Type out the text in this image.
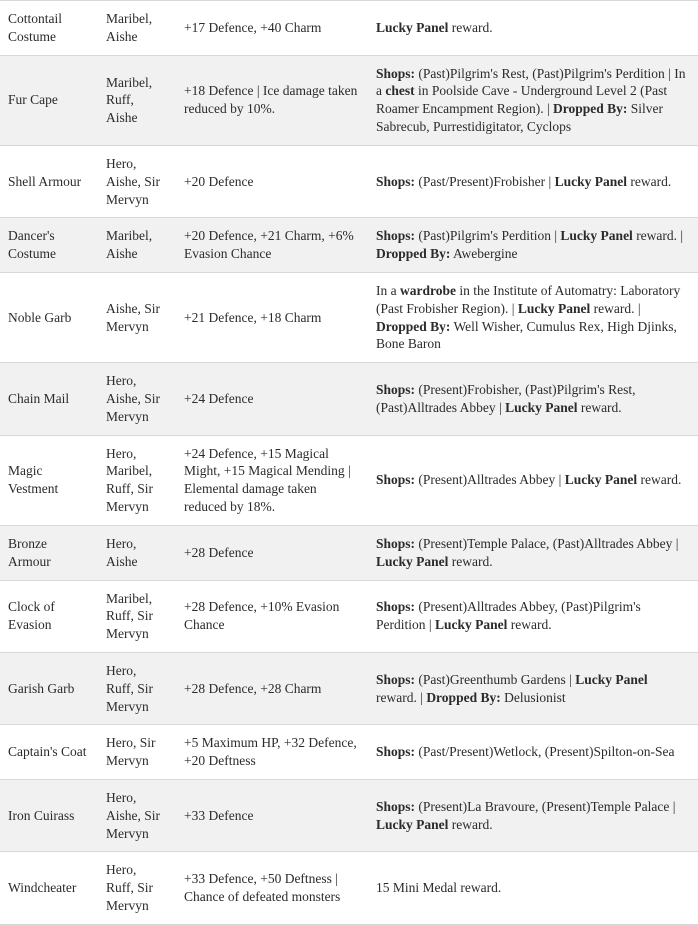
Cottontail Costume	Maribel, Aishe	+17 Defence, +40 Charm	Lucky Panel reward.
Fur Cape	Maribel, Ruff, Aishe	+18 Defence | Ice damage taken reduced by 10%.	Shops: (Past)Pilgrim's Rest, (Past)Pilgrim's Perdition | In a chest in Poolside Cave - Underground Level 2 (Past Roamer Encampment Region). | Dropped By: Silver Sabrecub, Purrestidigitator, Cyclops
Shell Armour	Hero, Aishe, Sir Mervyn	+20 Defence	Shops: (Past/Present)Frobisher | Lucky Panel reward.
Dancer's Costume	Maribel, Aishe	+20 Defence, +21 Charm, +6% Evasion Chance	Shops: (Past)Pilgrim's Perdition | Lucky Panel reward. | Dropped By: Awebergine
Noble Garb	Aishe, Sir Mervyn	+21 Defence, +18 Charm	In a wardrobe in the Institute of Automatry: Laboratory (Past Frobisher Region). | Lucky Panel reward. | Dropped By: Well Wisher, Cumulus Rex, High Djinks, Bone Baron
Chain Mail	Hero, Aishe, Sir Mervyn	+24 Defence	Shops: (Present)Frobisher, (Past)Pilgrim's Rest, (Past)Alltrades Abbey | Lucky Panel reward.
Magic Vestment	Hero, Maribel, Ruff, Sir Mervyn	+24 Defence, +15 Magical Might, +15 Magical Mending | Elemental damage taken reduced by 18%.	Shops: (Present)Alltrades Abbey | Lucky Panel reward.
Bronze Armour	Hero, Aishe	+28 Defence	Shops: (Present)Temple Palace, (Past)Alltrades Abbey | Lucky Panel reward.
Clock of Evasion	Maribel, Ruff, Sir Mervyn	+28 Defence, +10% Evasion Chance	Shops: (Present)Alltrades Abbey, (Past)Pilgrim's Perdition | Lucky Panel reward.
Garish Garb	Hero, Ruff, Sir Mervyn	+28 Defence, +28 Charm	Shops: (Past)Greenthumb Gardens | Lucky Panel reward. | Dropped By: Delusionist
Captain's Coat	Hero, Sir Mervyn	+5 Maximum HP, +32 Defence, +20 Deftness	Shops: (Past/Present)Wetlock, (Present)Spilton-on-Sea
Iron Cuirass	Hero, Aishe, Sir Mervyn	+33 Defence	Shops: (Present)La Bravoure, (Present)Temple Palace | Lucky Panel reward.
Windcheater	Hero, Ruff, Sir Mervyn	+33 Defence, +50 Deftness | Chance of defeated monsters	15 Mini Medal reward.
